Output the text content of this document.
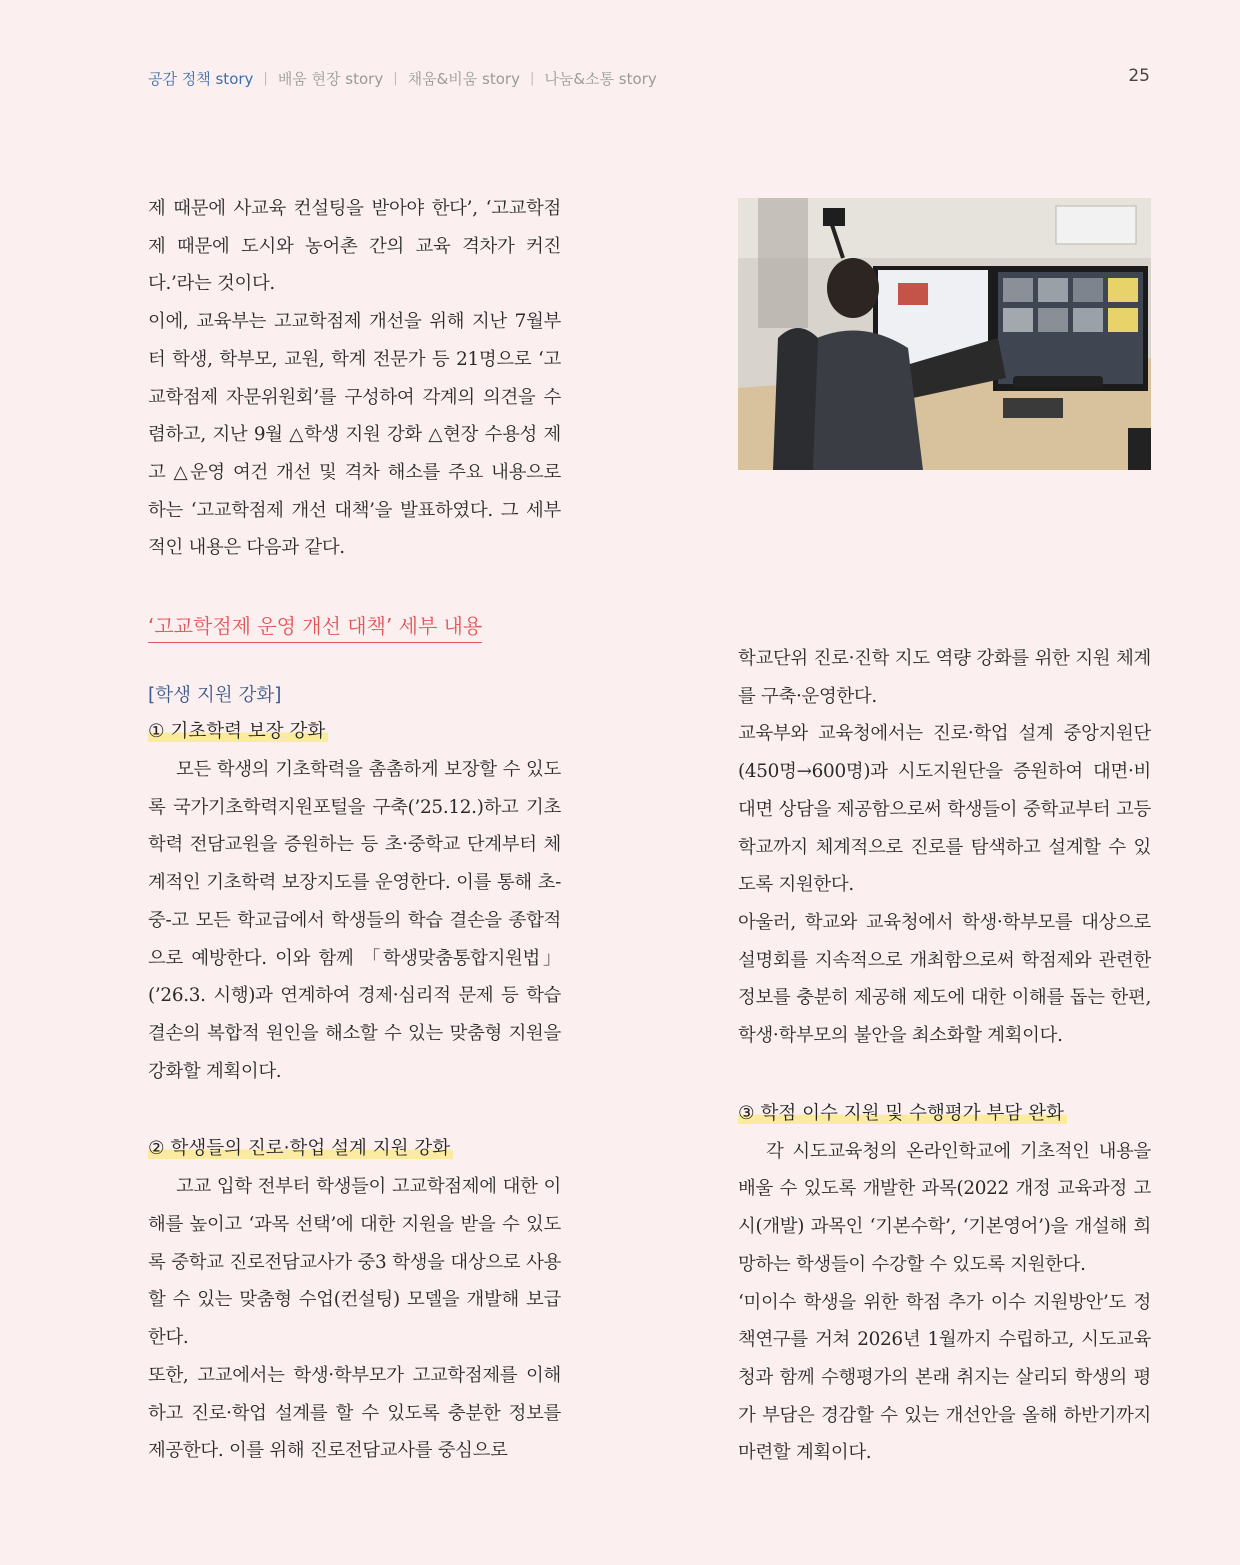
공감 정책 story | 배움 현장 story | 채움&비움 story | 나눔&소통 story	25

제 때문에 사교육 컨설팅을 받아야 한다’, ‘고교학점제 때문에 도시와 농어촌 간의 교육 격차가 커진다.’라는 것이다.

이에, 교육부는 고교학점제 개선을 위해 지난 7월부터 학생, 학부모, 교원, 학계 전문가 등 21명으로 ‘고교학점제 자문위원회’를 구성하여 각계의 의견을 수렴하고, 지난 9월 △학생 지원 강화 △현장 수용성 제고 △운영 여건 개선 및 격차 해소를 주요 내용으로 하는 ‘고교학점제 개선 대책’을 발표하였다. 그 세부적인 내용은 다음과 같다.

‘고교학점제 운영 개선 대책’ 세부 내용
[학생 지원 강화]
① 기초학력 보장 강화

모든 학생의 기초학력을 촘촘하게 보장할 수 있도록 국가기초학력지원포털을 구축(’25.12.)하고 기초학력 전담교원을 증원하는 등 초·중학교 단계부터 체계적인 기초학력 보장지도를 운영한다. 이를 통해 초-중-고 모든 학교급에서 학생들의 학습 결손을 종합적으로 예방한다. 이와 함께 「학생맞춤통합지원법」(’26.3. 시행)과 연계하여 경제·심리적 문제 등 학습 결손의 복합적 원인을 해소할 수 있는 맞춤형 지원을 강화할 계획이다.

② 학생들의 진로·학업 설계 지원 강화

고교 입학 전부터 학생들이 고교학점제에 대한 이해를 높이고 ‘과목 선택’에 대한 지원을 받을 수 있도록 중학교 진로전담교사가 중3 학생을 대상으로 사용할 수 있는 맞춤형 수업(컨설팅) 모델을 개발해 보급한다.

또한, 고교에서는 학생·학부모가 고교학점제를 이해하고 진로·학업 설계를 할 수 있도록 충분한 정보를 제공한다. 이를 위해 진로전담교사를 중심으로

학교단위 진로·진학 지도 역량 강화를 위한 지원 체계를 구축·운영한다.

교육부와 교육청에서는 진로·학업 설계 중앙지원단(450명→600명)과 시도지원단을 증원하여 대면·비대면 상담을 제공함으로써 학생들이 중학교부터 고등학교까지 체계적으로 진로를 탐색하고 설계할 수 있도록 지원한다.

아울러, 학교와 교육청에서 학생·학부모를 대상으로 설명회를 지속적으로 개최함으로써 학점제와 관련한 정보를 충분히 제공해 제도에 대한 이해를 돕는 한편, 학생·학부모의 불안을 최소화할 계획이다.

③ 학점 이수 지원 및 수행평가 부담 완화

각 시도교육청의 온라인학교에 기초적인 내용을 배울 수 있도록 개발한 과목(2022 개정 교육과정 고시(개발) 과목인 ‘기본수학’, ‘기본영어’)을 개설해 희망하는 학생들이 수강할 수 있도록 지원한다.

‘미이수 학생을 위한 학점 추가 이수 지원방안’도 정책연구를 거쳐 2026년 1월까지 수립하고, 시도교육청과 함께 수행평가의 본래 취지는 살리되 학생의 평가 부담은 경감할 수 있는 개선안을 올해 하반기까지 마련할 계획이다.
